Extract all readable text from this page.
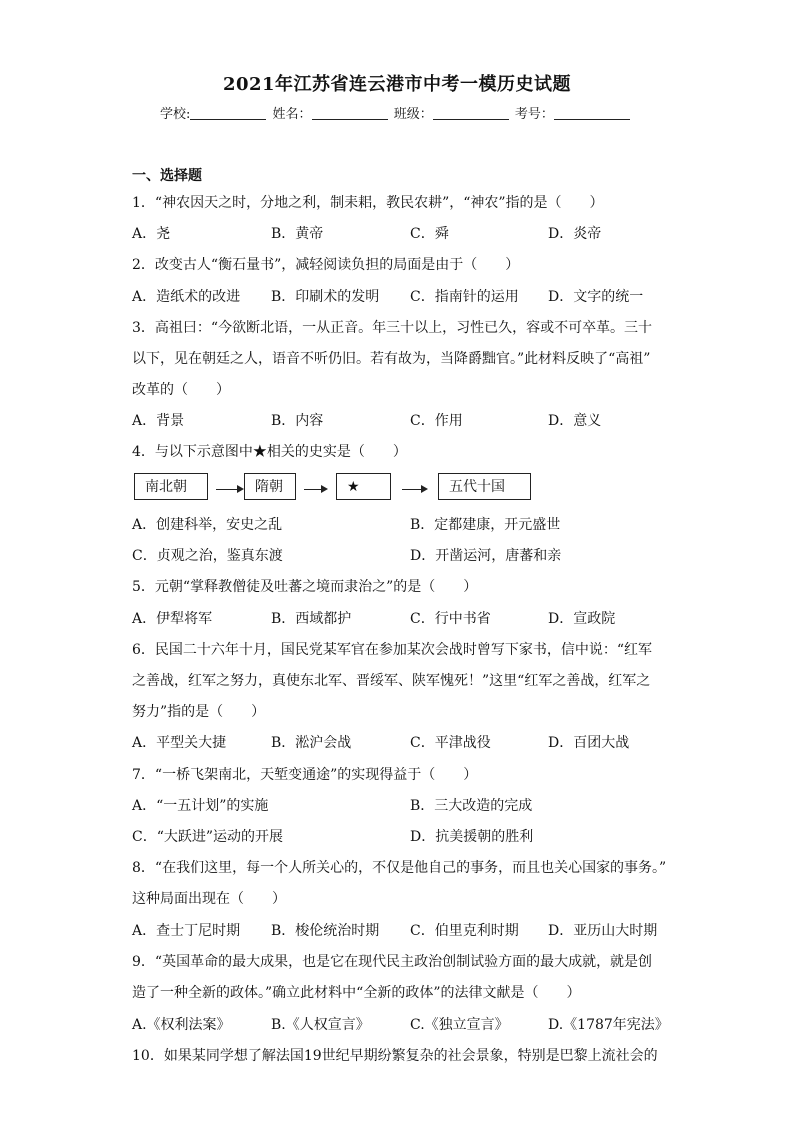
2021年江苏省连云港市中考一模历史试题
学校:	姓名：	班级：	考号：
一、选择题
1．“神农因天之时，分地之利，制耒耜，教民农耕”，“神农”指的是（　　）
A．尧	B．黄帝	C．舜	D．炎帝
2．改变古人“衡石量书”，减轻阅读负担的局面是由于（　　）
A．造纸术的改进 B．印刷术的发明 C．指南针的运用 D．文字的统一
3．高祖曰：“今欲断北语，一从正音。年三十以上，习性已久，容或不可卒革。三十
以下，见在朝廷之人，语音不听仍旧。若有故为，当降爵黜官。”此材料反映了“高祖”
改革的（　　）
A．背景	B．内容	C．作用	D．意义
4．与以下示意图中★相关的史实是（　　）
南北朝	隋朝	★	五代十国
A．创建科举，安史之乱	B．定都建康，开元盛世
C．贞观之治，鉴真东渡	D．开凿运河，唐蕃和亲
5．元朝“掌释教僧徒及吐蕃之境而隶治之”的是（　　）
A．伊犁将军	B．西域都护	C．行中书省	D．宣政院
6．民国二十六年十月，国民党某军官在参加某次会战时曾写下家书，信中说：“红军
之善战，红军之努力，真使东北军、晋绥军、陕军愧死！”这里“红军之善战，红军之
努力”指的是（　　）
A．平型关大捷	B．淞沪会战	C．平津战役	D．百团大战
7．“一桥飞架南北，天堑变通途”的实现得益于（　　）
A．“一五计划”的实施	B．三大改造的完成
C．“大跃进”运动的开展	D．抗美援朝的胜利
8．“在我们这里，每一个人所关心的，不仅是他自己的事务，而且也关心国家的事务。”
这种局面出现在（　　）
A．查士丁尼时期 B．梭伦统治时期 C．伯里克利时期 D．亚历山大时期
9．“英国革命的最大成果，也是它在现代民主政治创制试验方面的最大成就，就是创
造了一种全新的政体。”确立此材料中“全新的政体”的法律文献是（　　）
A.《权利法案》	B.《人权宣言》	C.《独立宣言》	D.《1787年宪法》
10．如果某同学想了解法国19世纪早期纷繁复杂的社会景象，特别是巴黎上流社会的
